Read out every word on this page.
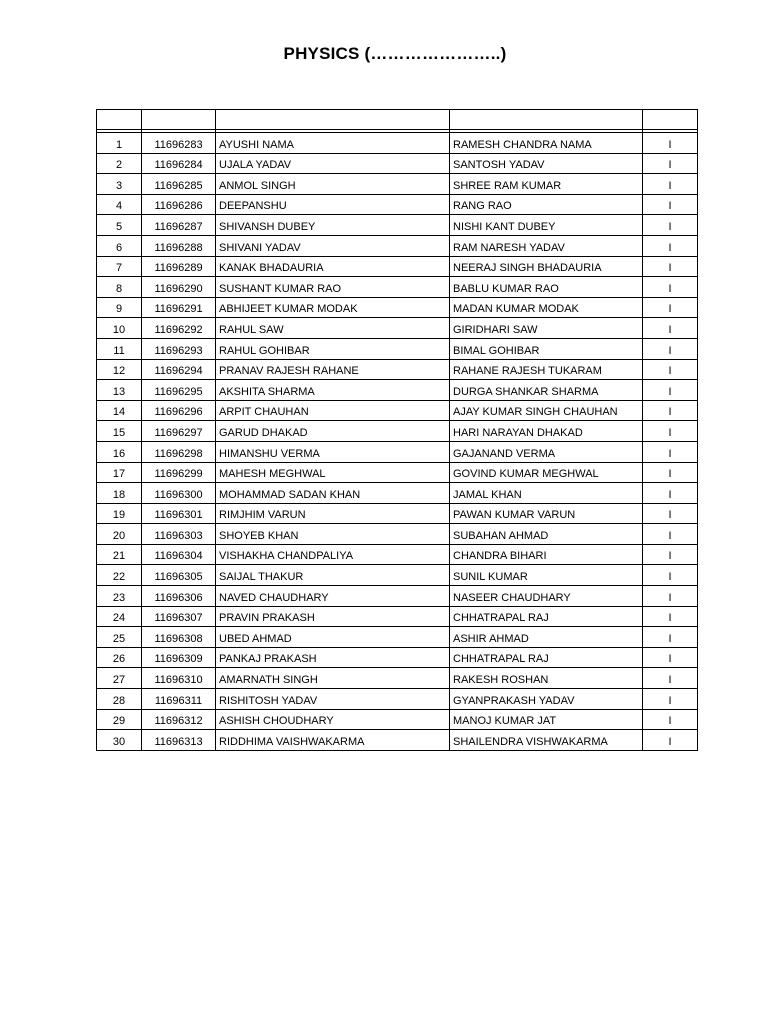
PHYSICS (…………………..)

1	11696283	AYUSHI NAMA	RAMESH CHANDRA NAMA	I
2	11696284	UJALA YADAV	SANTOSH YADAV	I
3	11696285	ANMOL SINGH	SHREE RAM KUMAR	I
4	11696286	DEEPANSHU	RANG RAO	I
5	11696287	SHIVANSH DUBEY	NISHI KANT DUBEY	I
6	11696288	SHIVANI YADAV	RAM NARESH YADAV	I
7	11696289	KANAK BHADAURIA	NEERAJ SINGH BHADAURIA	I
8	11696290	SUSHANT KUMAR RAO	BABLU KUMAR RAO	I
9	11696291	ABHIJEET KUMAR MODAK	MADAN KUMAR MODAK	I
10	11696292	RAHUL SAW	GIRIDHARI SAW	I
11	11696293	RAHUL GOHIBAR	BIMAL GOHIBAR	I
12	11696294	PRANAV RAJESH RAHANE	RAHANE RAJESH TUKARAM	I
13	11696295	AKSHITA SHARMA	DURGA SHANKAR SHARMA	I
14	11696296	ARPIT CHAUHAN	AJAY KUMAR SINGH CHAUHAN	I
15	11696297	GARUD DHAKAD	HARI NARAYAN DHAKAD	I
16	11696298	HIMANSHU VERMA	GAJANAND VERMA	I
17	11696299	MAHESH MEGHWAL	GOVIND KUMAR MEGHWAL	I
18	11696300	MOHAMMAD SADAN KHAN	JAMAL KHAN	I
19	11696301	RIMJHIM VARUN	PAWAN KUMAR VARUN	I
20	11696303	SHOYEB KHAN	SUBAHAN AHMAD	I
21	11696304	VISHAKHA CHANDPALIYA	CHANDRA BIHARI	I
22	11696305	SAIJAL THAKUR	SUNIL KUMAR	I
23	11696306	NAVED CHAUDHARY	NASEER CHAUDHARY	I
24	11696307	PRAVIN PRAKASH	CHHATRAPAL RAJ	I
25	11696308	UBED AHMAD	ASHIR AHMAD	I
26	11696309	PANKAJ PRAKASH	CHHATRAPAL RAJ	I
27	11696310	AMARNATH SINGH	RAKESH ROSHAN	I
28	11696311	RISHITOSH YADAV	GYANPRAKASH YADAV	I
29	11696312	ASHISH CHOUDHARY	MANOJ KUMAR JAT	I
30	11696313	RIDDHIMA VAISHWAKARMA	SHAILENDRA VISHWAKARMA	I
